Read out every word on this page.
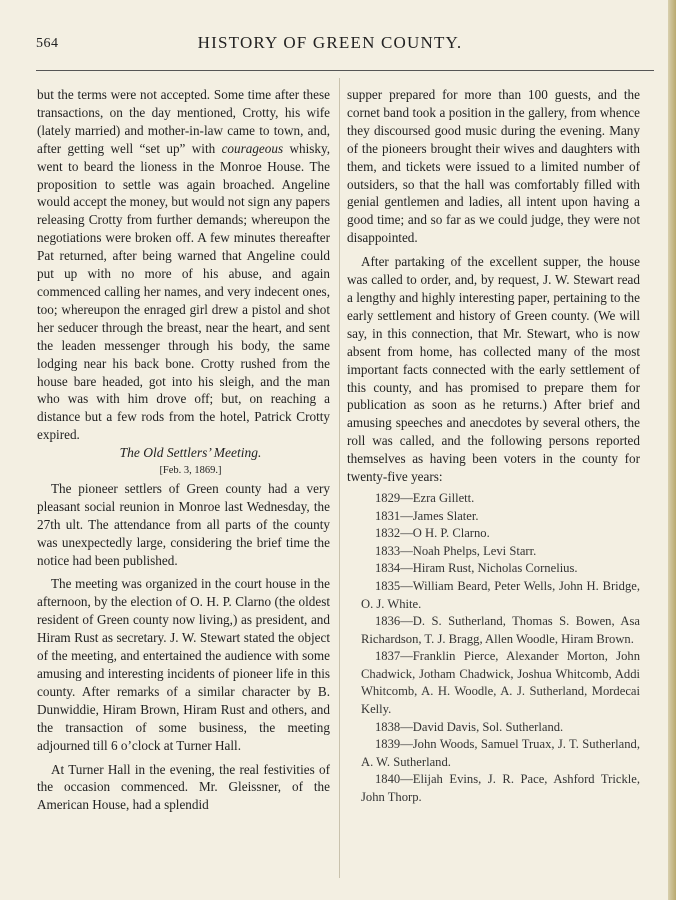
564	HISTORY OF GREEN COUNTY.

but the terms were not accepted. Some time after these transactions, on the day mentioned, Crotty, his wife (lately married) and mother-in-law came to town, and, after getting well “set up” with courageous whisky, went to beard the lioness in the Monroe House. The proposition to settle was again broached. Angeline would accept the money, but would not sign any papers releasing Crotty from further demands; whereupon the negotiations were broken off. A few minutes thereafter Pat returned, after being warned that Angeline could put up with no more of his abuse, and again commenced calling her names, and very indecent ones, too; whereupon the enraged girl drew a pistol and shot her seducer through the breast, near the heart, and sent the leaden messenger through his body, the same lodging near his back bone. Crotty rushed from the house bare headed, got into his sleigh, and the man who was with him drove off; but, on reaching a distance but a few rods from the hotel, Patrick Crotty expired.

The Old Settlers’ Meeting.

[Feb. 3, 1869.]

The pioneer settlers of Green county had a very pleasant social reunion in Monroe last Wednesday, the 27th ult. The attendance from all parts of the county was unexpectedly large, considering the brief time the notice had been published.

The meeting was organized in the court house in the afternoon, by the election of O. H. P. Clarno (the oldest resident of Green county now living,) as president, and Hiram Rust as secretary. J. W. Stewart stated the object of the meeting, and entertained the audience with some amusing and interesting incidents of pioneer life in this county. After remarks of a similar character by B. Dunwiddie, Hiram Brown, Hiram Rust and others, and the transaction of some business, the meeting adjourned till 6 o’clock at Turner Hall.

At Turner Hall in the evening, the real festivities of the occasion commenced. Mr. Gleissner, of the American House, had a splendid

supper prepared for more than 100 guests, and the cornet band took a position in the gallery, from whence they discoursed good music during the evening. Many of the pioneers brought their wives and daughters with them, and tickets were issued to a limited number of outsiders, so that the hall was comfortably filled with genial gentlemen and ladies, all intent upon having a good time; and so far as we could judge, they were not disappointed.

After partaking of the excellent supper, the house was called to order, and, by request, J. W. Stewart read a lengthy and highly interesting paper, pertaining to the early settlement and history of Green county. (We will say, in this connection, that Mr. Stewart, who is now absent from home, has collected many of the most important facts connected with the early settlement of this county, and has promised to prepare them for publication as soon as he returns.) After brief and amusing speeches and anecdotes by several others, the roll was called, and the following persons reported themselves as having been voters in the county for twenty-five years:

1829—Ezra Gillett.

1831—James Slater.

1832—O H. P. Clarno.

1833—Noah Phelps, Levi Starr.

1834—Hiram Rust, Nicholas Cornelius.

1835—William Beard, Peter Wells, John H. Bridge, O. J. White.

1836—D. S. Sutherland, Thomas S. Bowen, Asa Richardson, T. J. Bragg, Allen Woodle, Hiram Brown.

1837—Franklin Pierce, Alexander Morton, John Chadwick, Jotham Chadwick, Joshua Whitcomb, Addi Whitcomb, A. H. Woodle, A. J. Sutherland, Mordecai Kelly.

1838—David Davis, Sol. Sutherland.

1839—John Woods, Samuel Truax, J. T. Sutherland, A. W. Sutherland.

1840—Elijah Evins, J. R. Pace, Ashford Trickle, John Thorp.
